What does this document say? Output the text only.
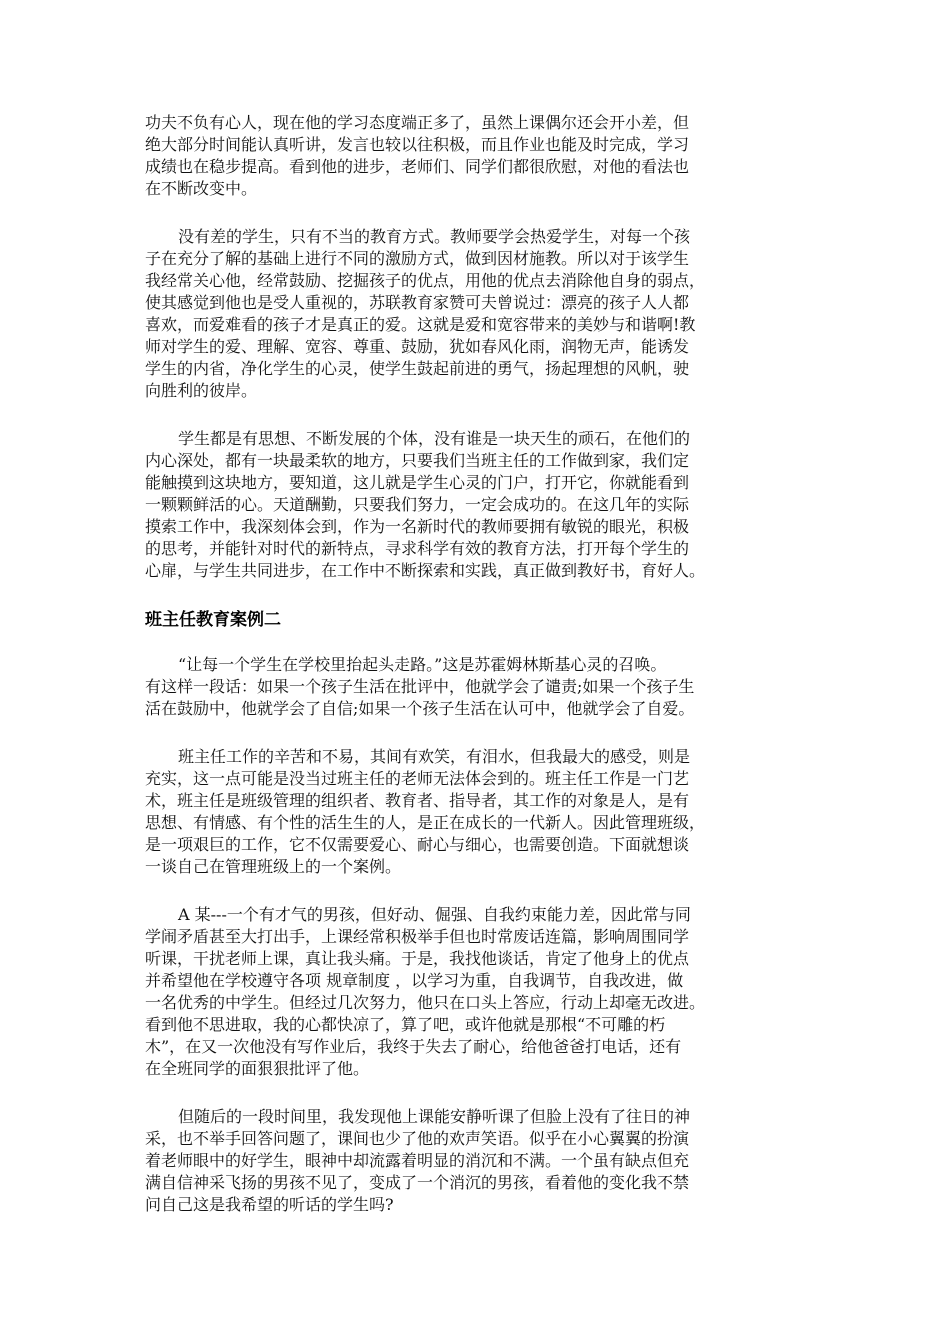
功夫不负有心人，现在他的学习态度端正多了，虽然上课偶尔还会开小差，但
绝大部分时间能认真听讲，发言也较以往积极，而且作业也能及时完成，学习
成绩也在稳步提高。看到他的进步，老师们、同学们都很欣慰，对他的看法也
在不断改变中。

没有差的学生，只有不当的教育方式。教师要学会热爱学生，对每一个孩
子在充分了解的基础上进行不同的激励方式，做到因材施教。所以对于该学生
我经常关心他，经常鼓励、挖掘孩子的优点，用他的优点去消除他自身的弱点，
使其感觉到他也是受人重视的，苏联教育家赞可夫曾说过：漂亮的孩子人人都
喜欢，而爱难看的孩子才是真正的爱。这就是爱和宽容带来的美妙与和谐啊!教
师对学生的爱、理解、宽容、尊重、鼓励，犹如春风化雨，润物无声，能诱发
学生的内省，净化学生的心灵，使学生鼓起前进的勇气，扬起理想的风帆，驶
向胜利的彼岸。

学生都是有思想、不断发展的个体，没有谁是一块天生的顽石，在他们的
内心深处，都有一块最柔软的地方，只要我们当班主任的工作做到家，我们定
能触摸到这块地方，要知道，这儿就是学生心灵的门户，打开它，你就能看到
一颗颗鲜活的心。天道酬勤，只要我们努力，一定会成功的。在这几年的实际
摸索工作中，我深刻体会到，作为一名新时代的教师要拥有敏锐的眼光，积极
的思考，并能针对时代的新特点，寻求科学有效的教育方法，打开每个学生的
心扉，与学生共同进步，在工作中不断探索和实践，真正做到教好书，育好人。

班主任教育案例二

“让每一个学生在学校里抬起头走路。”这是苏霍姆林斯基心灵的召唤。
有这样一段话：如果一个孩子生活在批评中，他就学会了谴责;如果一个孩子生
活在鼓励中，他就学会了自信;如果一个孩子生活在认可中，他就学会了自爱。

班主任工作的辛苦和不易，其间有欢笑，有泪水，但我最大的感受，则是
充实，这一点可能是没当过班主任的老师无法体会到的。班主任工作是一门艺
术，班主任是班级管理的组织者、教育者、指导者，其工作的对象是人，是有
思想、有情感、有个性的活生生的人，是正在成长的一代新人。因此管理班级，
是一项艰巨的工作，它不仅需要爱心、耐心与细心，也需要创造。下面就想谈
一谈自己在管理班级上的一个案例。

A 某---一个有才气的男孩，但好动、倔强、自我约束能力差，因此常与同
学闹矛盾甚至大打出手，上课经常积极举手但也时常废话连篇，影响周围同学
听课，干扰老师上课，真让我头痛。于是，我找他谈话，肯定了他身上的优点
并希望他在学校遵守各项 规章制度 ，以学习为重，自我调节，自我改进，做
一名优秀的中学生。但经过几次努力，他只在口头上答应，行动上却毫无改进。
看到他不思进取，我的心都快凉了，算了吧，或许他就是那根“不可雕的朽
木”，在又一次他没有写作业后，我终于失去了耐心，给他爸爸打电话，还有
在全班同学的面狠狠批评了他。

但随后的一段时间里，我发现他上课能安静听课了但脸上没有了往日的神
采，也不举手回答问题了，课间也少了他的欢声笑语。似乎在小心翼翼的扮演
着老师眼中的好学生，眼神中却流露着明显的消沉和不满。一个虽有缺点但充
满自信神采飞扬的男孩不见了，变成了一个消沉的男孩，看着他的变化我不禁
问自己这是我希望的听话的学生吗?
